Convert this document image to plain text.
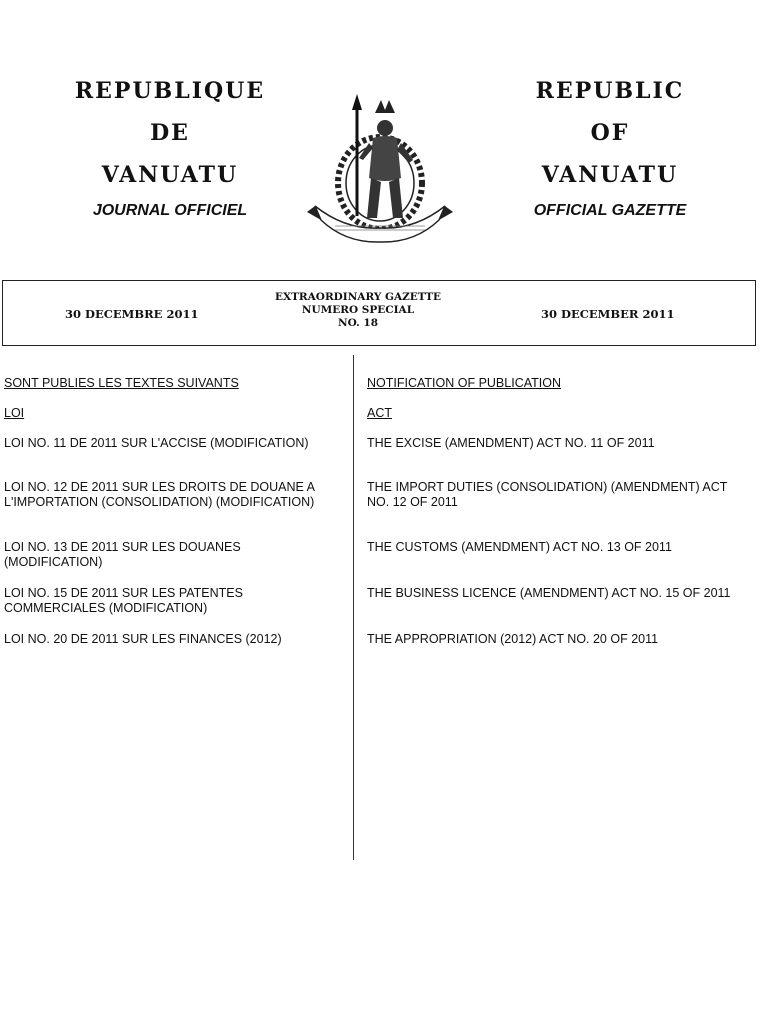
REPUBLIQUE
DE
VANUATU
JOURNAL OFFICIEL
REPUBLIC
OF
VANUATU
OFFICIAL GAZETTE
30 DECEMBRE 2011
EXTRAORDINARY GAZETTE
NUMERO SPECIAL
NO. 18
30 DECEMBER 2011

SONT PUBLIES LES TEXTES SUIVANTS

LOI

LOI NO. 11 DE 2011 SUR L'ACCISE (MODIFICATION)

LOI NO. 12 DE 2011 SUR LES DROITS DE DOUANE A L'IMPORTATION (CONSOLIDATION) (MODIFICATION)

LOI NO. 13 DE 2011 SUR LES DOUANES (MODIFICATION)

LOI NO. 15 DE 2011 SUR LES PATENTES COMMERCIALES (MODIFICATION)

LOI NO. 20 DE 2011 SUR LES FINANCES (2012)

NOTIFICATION OF PUBLICATION

ACT

THE EXCISE (AMENDMENT) ACT NO. 11 OF 2011

THE IMPORT DUTIES (CONSOLIDATION) (AMENDMENT) ACT NO. 12 OF 2011

THE CUSTOMS (AMENDMENT) ACT NO. 13 OF 2011

THE BUSINESS LICENCE (AMENDMENT) ACT NO. 15 OF 2011

THE APPROPRIATION (2012) ACT NO. 20 OF 2011
